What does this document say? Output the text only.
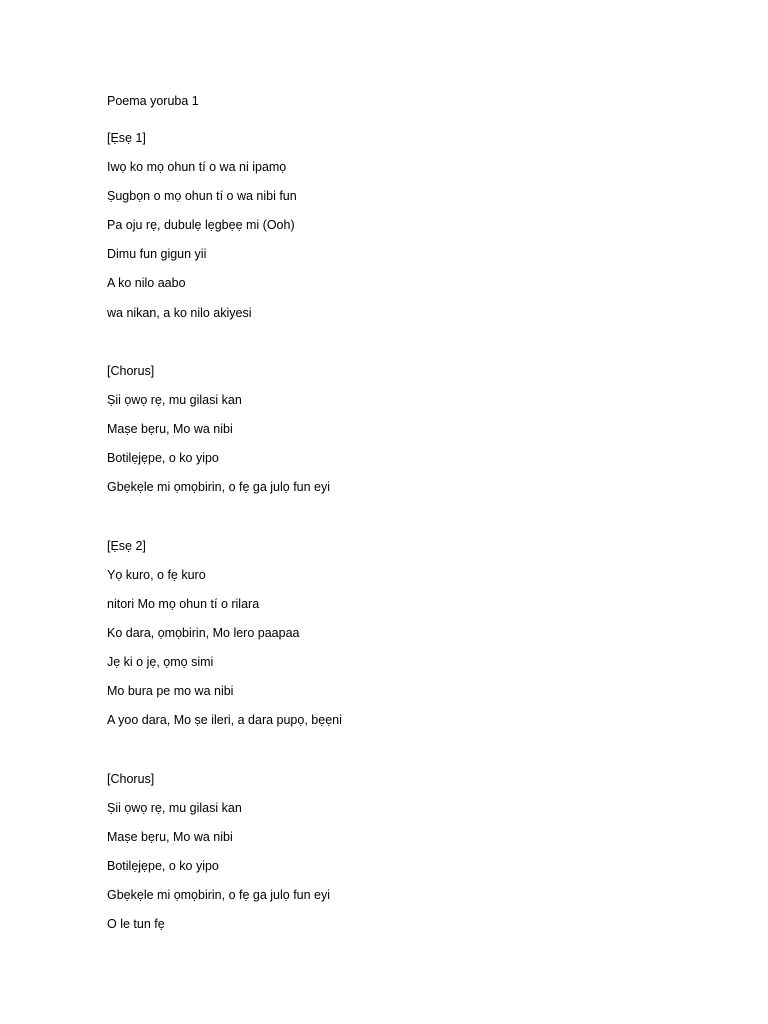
Poema yoruba 1
[Ẹsẹ 1]
Iwọ ko mọ ohun tí o wa ni ipamọ
Ṣugbọn o mọ ohun tí o wa nibi fun
Pa oju rẹ, dubulẹ lẹgbẹẹ mi (Ooh)
Dimu fun gigun yii
A ko nilo aabo
wa nikan, a ko nilo akiyesi
[Chorus]
Ṣii ọwọ rẹ, mu gilasi kan
Maṣe bẹru, Mo wa nibi
Botilẹjẹpe, o ko yipo
Gbẹkẹle mi ọmọbirin, o fẹ ga julọ fun eyi
[Ẹsẹ 2]
Yọ kuro, o fẹ kuro
nitori Mo mọ ohun tí o rilara
Ko dara, ọmọbirin, Mo lero paapaa
Jẹ ki o jẹ, ọmọ simi
Mo bura pe mo wa nibi
A yoo dara, Mo ṣe ileri, a dara pupọ, bẹẹni
[Chorus]
Ṣii ọwọ rẹ, mu gilasi kan
Maṣe bẹru, Mo wa nibi
Botilẹjẹpe, o ko yipo
Gbẹkẹle mi ọmọbirin, o fẹ ga julọ fun eyi
O le tun fẹ
